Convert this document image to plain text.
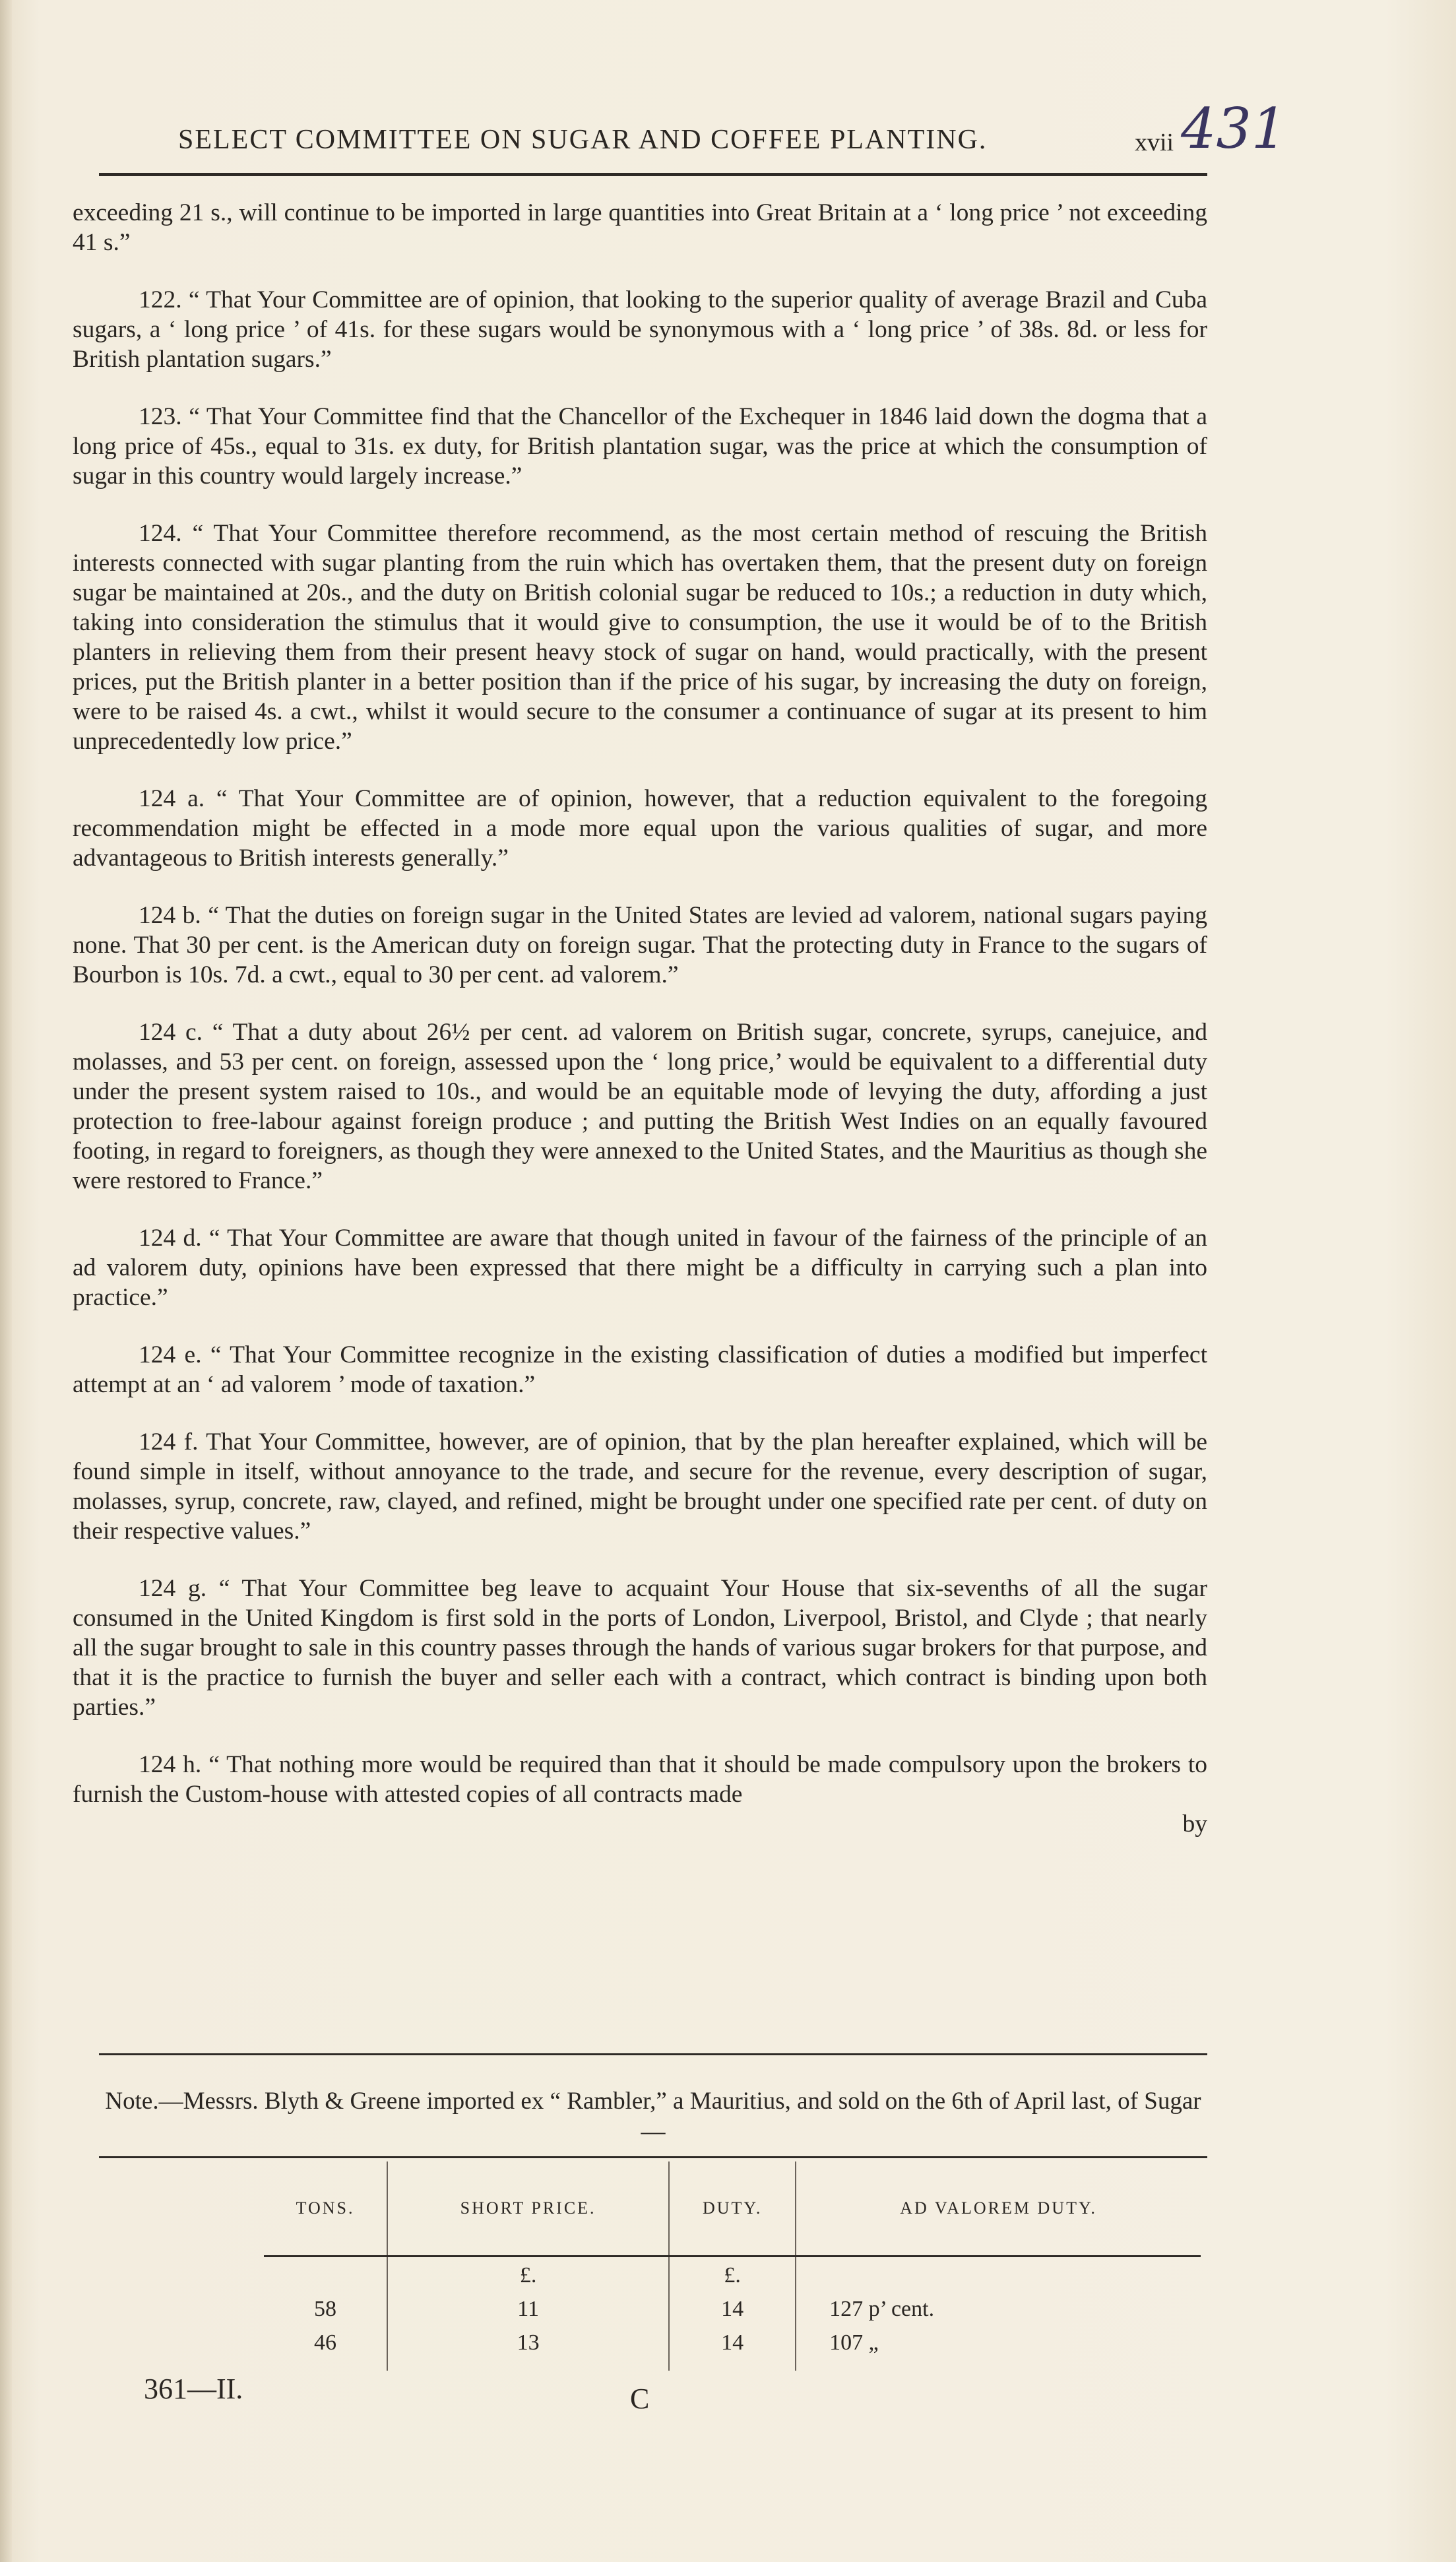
SELECT COMMITTEE ON SUGAR AND COFFEE PLANTING.	xvii 431

exceeding 21 s., will continue to be imported in large quantities into Great Britain at a ‘ long price ’ not exceeding 41 s.”

122. “ That Your Committee are of opinion, that looking to the superior quality of average Brazil and Cuba sugars, a ‘ long price ’ of 41s. for these sugars would be synonymous with a ‘ long price ’ of 38s. 8d. or less for British plantation sugars.”

123. “ That Your Committee find that the Chancellor of the Exchequer in 1846 laid down the dogma that a long price of 45s., equal to 31s. ex duty, for British plantation sugar, was the price at which the consumption of sugar in this country would largely increase.”

124. “ That Your Committee therefore recommend, as the most certain method of rescuing the British interests connected with sugar planting from the ruin which has overtaken them, that the present duty on foreign sugar be maintained at 20s., and the duty on British colonial sugar be reduced to 10s.; a reduction in duty which, taking into consideration the stimulus that it would give to consumption, the use it would be of to the British planters in relieving them from their present heavy stock of sugar on hand, would practically, with the present prices, put the British planter in a better position than if the price of his sugar, by increasing the duty on foreign, were to be raised 4s. a cwt., whilst it would secure to the consumer a continuance of sugar at its present to him unprecedentedly low price.”

124 a. “ That Your Committee are of opinion, however, that a reduction equivalent to the foregoing recommendation might be effected in a mode more equal upon the various qualities of sugar, and more advantageous to British interests generally.”

124 b. “ That the duties on foreign sugar in the United States are levied ad valorem, national sugars paying none. That 30 per cent. is the American duty on foreign sugar. That the protecting duty in France to the sugars of Bourbon is 10s. 7d. a cwt., equal to 30 per cent. ad valorem.”

124 c. “ That a duty about 26½ per cent. ad valorem on British sugar, concrete, syrups, canejuice, and molasses, and 53 per cent. on foreign, assessed upon the ‘ long price,’ would be equivalent to a differential duty under the present system raised to 10s., and would be an equitable mode of levying the duty, affording a just protection to free-labour against foreign produce ; and putting the British West Indies on an equally favoured footing, in regard to foreigners, as though they were annexed to the United States, and the Mauritius as though she were restored to France.”

124 d. “ That Your Committee are aware that though united in favour of the fairness of the principle of an ad valorem duty, opinions have been expressed that there might be a difficulty in carrying such a plan into practice.”

124 e. “ That Your Committee recognize in the existing classification of duties a modified but imperfect attempt at an ‘ ad valorem ’ mode of taxation.”

124 f. That Your Committee, however, are of opinion, that by the plan hereafter explained, which will be found simple in itself, without annoyance to the trade, and secure for the revenue, every description of sugar, molasses, syrup, concrete, raw, clayed, and refined, might be brought under one specified rate per cent. of duty on their respective values.”

124 g. “ That Your Committee beg leave to acquaint Your House that six-sevenths of all the sugar consumed in the United Kingdom is first sold in the ports of London, Liverpool, Bristol, and Clyde ; that nearly all the sugar brought to sale in this country passes through the hands of various sugar brokers for that purpose, and that it is the practice to furnish the buyer and seller each with a contract, which contract is binding upon both parties.”

124 h. “ That nothing more would be required than that it should be made compulsory upon the brokers to furnish the Custom-house with attested copies of all contracts made

by
Note.—Messrs. Blyth & Greene imported ex “ Rambler,” a Mauritius, and sold on the 6th of April last, of Sugar—
TONS.	SHORT PRICE.	DUTY.	AD VALOREM DUTY.
	£.	£.	
58	11	14	127 p’ cent.
46	13	14	107 „
361—II.	C
